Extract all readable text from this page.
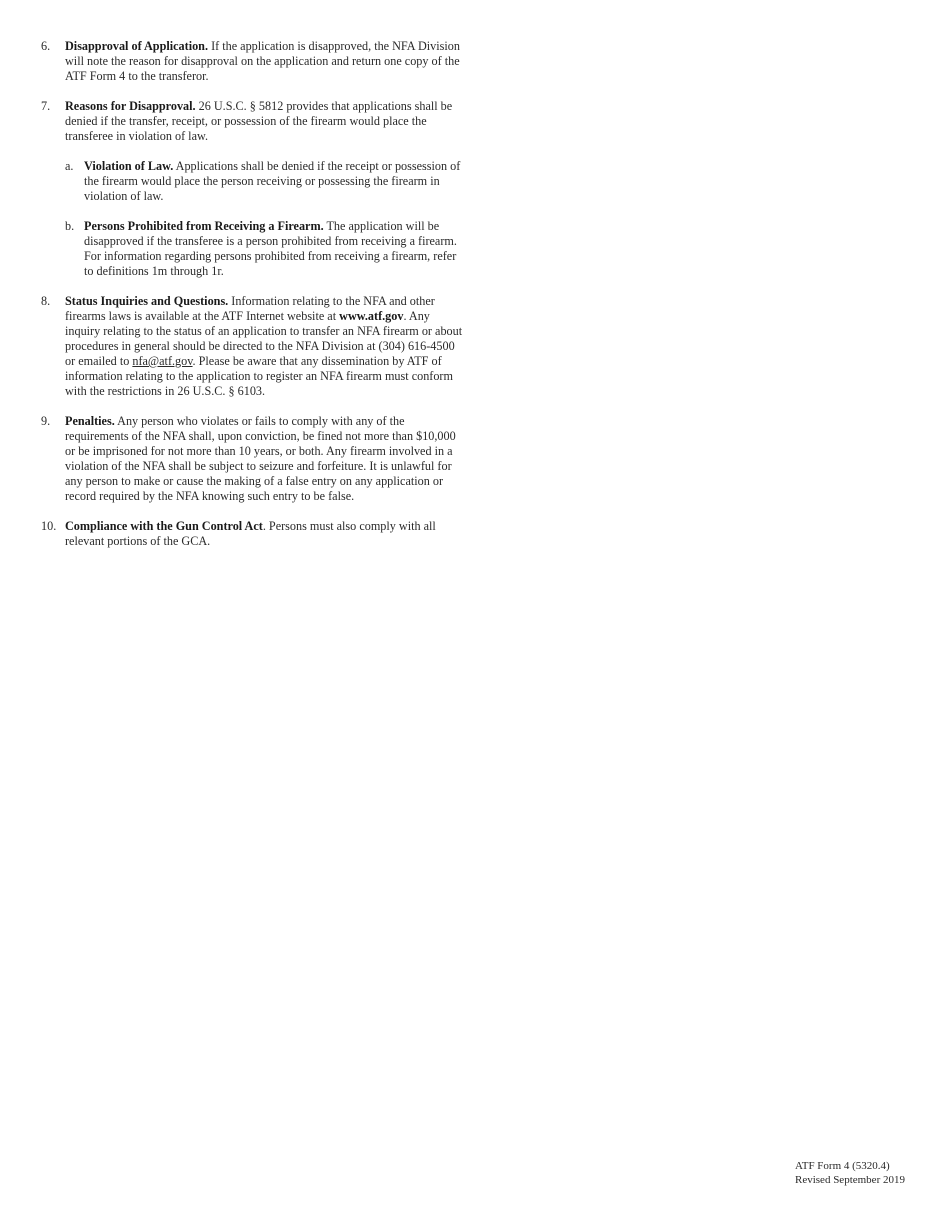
6. Disapproval of Application. If the application is disapproved, the NFA Division will note the reason for disapproval on the application and return one copy of the ATF Form 4 to the transferor.
7. Reasons for Disapproval. 26 U.S.C. § 5812 provides that applications shall be denied if the transfer, receipt, or possession of the firearm would place the transferee in violation of law.
a. Violation of Law. Applications shall be denied if the receipt or possession of the firearm would place the person receiving or possessing the firearm in violation of law.
b. Persons Prohibited from Receiving a Firearm. The application will be disapproved if the transferee is a person prohibited from receiving a firearm. For information regarding persons prohibited from receiving a firearm, refer to definitions 1m through 1r.
8. Status Inquiries and Questions. Information relating to the NFA and other firearms laws is available at the ATF Internet website at www.atf.gov. Any inquiry relating to the status of an application to transfer an NFA firearm or about procedures in general should be directed to the NFA Division at (304) 616-4500 or emailed to nfa@atf.gov. Please be aware that any dissemination by ATF of information relating to the application to register an NFA firearm must conform with the restrictions in 26 U.S.C. § 6103.
9. Penalties. Any person who violates or fails to comply with any of the requirements of the NFA shall, upon conviction, be fined not more than $10,000 or be imprisoned for not more than 10 years, or both. Any firearm involved in a violation of the NFA shall be subject to seizure and forfeiture. It is unlawful for any person to make or cause the making of a false entry on any application or record required by the NFA knowing such entry to be false.
10. Compliance with the Gun Control Act. Persons must also comply with all relevant portions of the GCA.
ATF Form 4 (5320.4)
Revised September 2019
